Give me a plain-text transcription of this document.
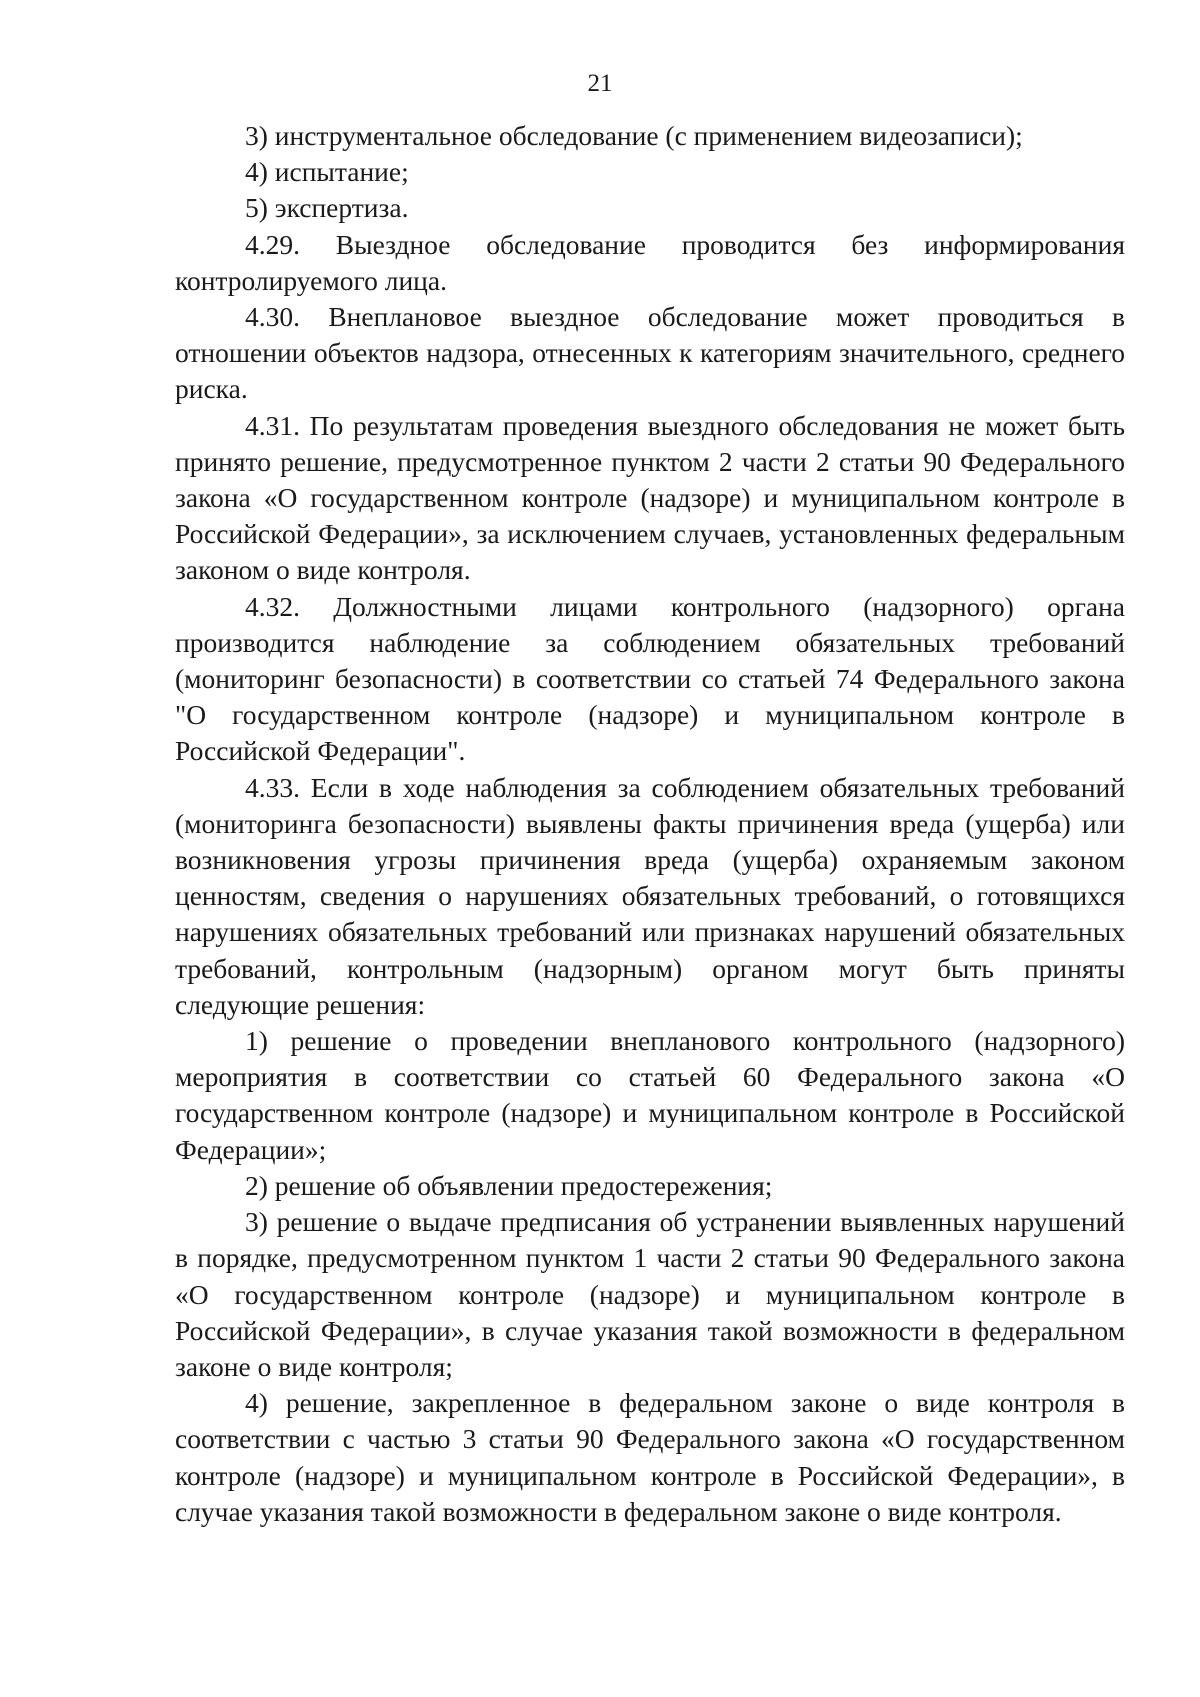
21

3) инструментальное обследование (с применением видеозаписи);

4) испытание;

5) экспертиза.

4.29. Выездное обследование проводится без информирования контролируемого лица.

4.30. Внеплановое выездное обследование может проводиться в отношении объектов надзора, отнесенных к категориям значительного, среднего риска.

4.31. По результатам проведения выездного обследования не может быть принято решение, предусмотренное пунктом 2 части 2 статьи 90 Федерального закона «О государственном контроле (надзоре) и муниципальном контроле в Российской Федерации», за исключением случаев, установленных федеральным законом о виде контроля.

4.32. Должностными лицами контрольного (надзорного) органа производится наблюдение за соблюдением обязательных требований (мониторинг безопасности) в соответствии со статьей 74 Федерального закона "О государственном контроле (надзоре) и муниципальном контроле в Российской Федерации".

4.33. Если в ходе наблюдения за соблюдением обязательных требований (мониторинга безопасности) выявлены факты причинения вреда (ущерба) или возникновения угрозы причинения вреда (ущерба) охраняемым законом ценностям, сведения о нарушениях обязательных требований, о готовящихся нарушениях обязательных требований или признаках нарушений обязательных требований, контрольным (надзорным) органом могут быть приняты следующие решения:

1) решение о проведении внепланового контрольного (надзорного) мероприятия в соответствии со статьей 60 Федерального закона «О государственном контроле (надзоре) и муниципальном контроле в Российской Федерации»;

2) решение об объявлении предостережения;

3) решение о выдаче предписания об устранении выявленных нарушений в порядке, предусмотренном пунктом 1 части 2 статьи 90 Федерального закона «О государственном контроле (надзоре) и муниципальном контроле в Российской Федерации», в случае указания такой возможности в федеральном законе о виде контроля;

4) решение, закрепленное в федеральном законе о виде контроля в соответствии с частью 3 статьи 90 Федерального закона «О государственном контроле (надзоре) и муниципальном контроле в Российской Федерации», в случае указания такой возможности в федеральном законе о виде контроля.
